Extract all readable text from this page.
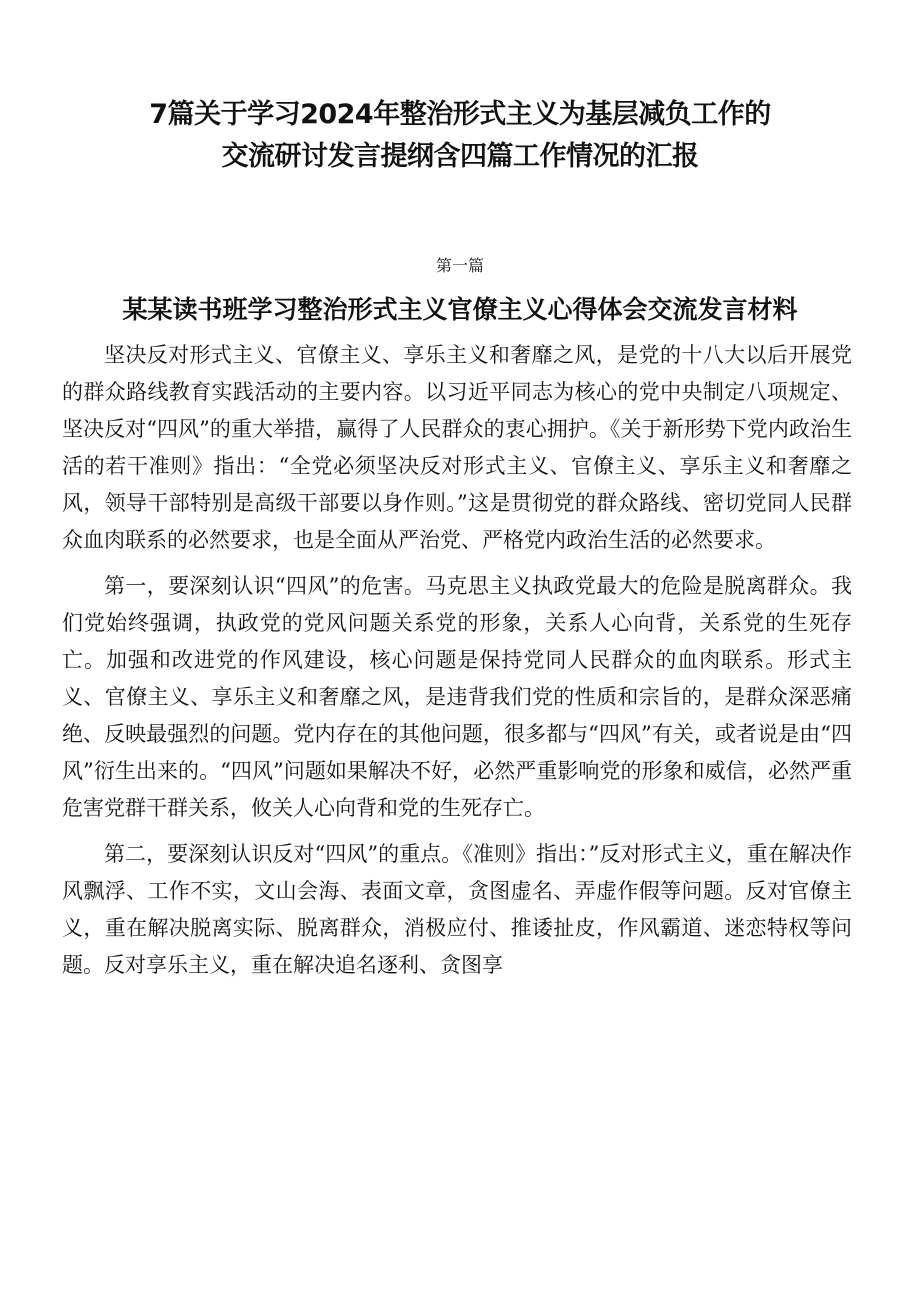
7篇关于学习2024年整治形式主义为基层减负工作的
交流研讨发言提纲含四篇工作情况的汇报

第一篇

某某读书班学习整治形式主义官僚主义心得体会交流发言材料

坚决反对形式主义、官僚主义、享乐主义和奢靡之风，是党的十八大以后开展党的群众路线教育实践活动的主要内容。以习近平同志为核心的党中央制定八项规定、坚决反对“四风”的重大举措，赢得了人民群众的衷心拥护。《关于新形势下党内政治生活的若干准则》指出：“全党必须坚决反对形式主义、官僚主义、享乐主义和奢靡之风，领导干部特别是高级干部要以身作则。”这是贯彻党的群众路线、密切党同人民群众血肉联系的必然要求，也是全面从严治党、严格党内政治生活的必然要求。

第一，要深刻认识“四风”的危害。马克思主义执政党最大的危险是脱离群众。我们党始终强调，执政党的党风问题关系党的形象，关系人心向背，关系党的生死存亡。加强和改进党的作风建设，核心问题是保持党同人民群众的血肉联系。形式主义、官僚主义、享乐主义和奢靡之风，是违背我们党的性质和宗旨的，是群众深恶痛绝、反映最强烈的问题。党内存在的其他问题，很多都与“四风”有关，或者说是由“四风”衍生出来的。“四风”问题如果解决不好，必然严重影响党的形象和威信，必然严重危害党群干群关系，攸关人心向背和党的生死存亡。

第二，要深刻认识反对“四风”的重点。《准则》指出：”反对形式主义，重在解决作风飘浮、工作不实，文山会海、表面文章，贪图虚名、弄虚作假等问题。反对官僚主义，重在解决脱离实际、脱离群众，消极应付、推诿扯皮，作风霸道、迷恋特权等问题。反对享乐主义，重在解决追名逐利、贪图享
